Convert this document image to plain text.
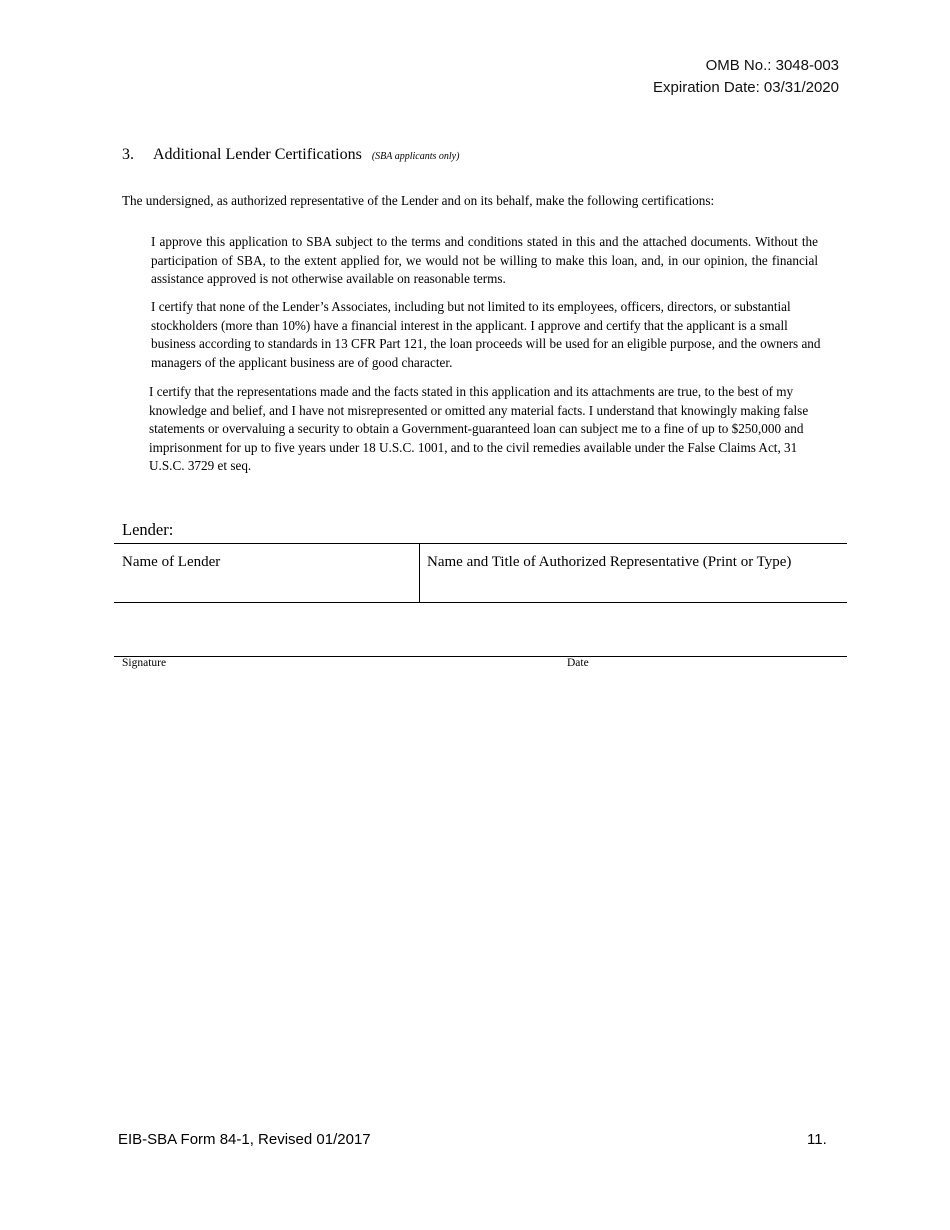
OMB No.: 3048-003
Expiration Date: 03/31/2020
3. Additional Lender Certifications (SBA applicants only)
The undersigned, as authorized representative of the Lender and on its behalf, make the following certifications:
I approve this application to SBA subject to the terms and conditions stated in this and the attached documents. Without the participation of SBA, to the extent applied for, we would not be willing to make this loan, and, in our opinion, the financial assistance approved is not otherwise available on reasonable terms.
I certify that none of the Lender’s Associates, including but not limited to its employees, officers, directors, or substantial stockholders (more than 10%) have a financial interest in the applicant. I approve and certify that the applicant is a small business according to standards in 13 CFR Part 121, the loan proceeds will be used for an eligible purpose, and the owners and managers of the applicant business are of good character.
I certify that the representations made and the facts stated in this application and its attachments are true, to the best of my knowledge and belief, and I have not misrepresented or omitted any material facts. I understand that knowingly making false statements or overvaluing a security to obtain a Government-guaranteed loan can subject me to a fine of up to $250,000 and imprisonment for up to five years under 18 U.S.C. 1001, and to the civil remedies available under the False Claims Act, 31 U.S.C. 3729 et seq.
Lender:
Name of Lender	Name and Title of Authorized Representative (Print or Type)
Signature	Date
EIB-SBA Form 84-1, Revised 01/2017	11.
